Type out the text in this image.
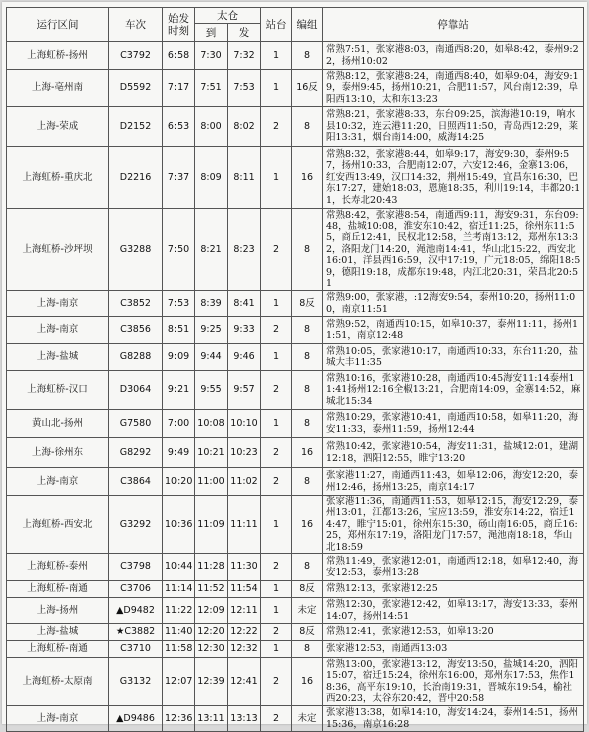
运行区间	车次	始发时刻	太仓		站台	编组	停靠站
			到	发			
上海虹桥-扬州	C3792	6:58	7:30	7:32	1	8	常熟7:51，张家港8:03，南通西8:20，如皋8:42，泰州9:22，扬州10:02
上海-亳州南	D5592	7:17	7:51	7:53	1	16反	常熟8:12，张家港8:24，南通西8:40，如皋9:04，海安9:19，泰州9:45，扬州10:21，合肥11:57，风台南12:39，阜阳西13:10，太和东13:23
上海-荣成	D2152	6:53	8:00	8:02	2	8	常熟8:21，张家港8:33，东台09:25，滨海港10:19，响水县10:32，连云港11:20，日照西11:50，青岛西12:29，莱阳13:31，烟台南14:00，威海14:25
上海虹桥-重庆北	D2216	7:37	8:09	8:11	1	16	常熟8:32，张家港8:44，如皋9:17，海安9:30，泰州9:57，扬州10:33，合肥南12:07，六安12:46，金寨13:06，红安西13:49，汉口14:32，荆州15:49，宜昌东16:30，巴东17:27，建始18:03，恩施18:35，利川19:14，丰都20:11，长寿北20:43
上海虹桥-沙坪坝	G3288	7:50	8:21	8:23	2	8	常熟8:42，张家港8:54，南通西9:11，海安9:31，东台09:48，盐城10:08，淮安东10:42，宿迁11:25，徐州东11:55，商丘12:41，民权北12:58，兰考南13:12，郑州东13:32，洛阳龙门14:20，渑池南14:41，华山北15:22，西安北16:01，洋县西16:59，汉中17:19，广元18:05，绵阳18:59，德阳19:18，成都东19:48，内江北20:31，荣昌北20:51
上海-南京	C3852	7:53	8:39	8:41	1	8反	常熟9:00，张家港，:12海安9:54，泰州10:20，扬州11:00，南京11:51
上海-南京	C3856	8:51	9:25	9:33	2	8	常熟9:52，南通西10:15，如皋10:37，泰州11:11，扬州11:51，南京12:48
上海-盐城	G8288	9:09	9:44	9:46	1	8	常熟10:05，张家港10:17，南通西10:33，东台11:20，盐城大丰11:35
上海虹桥-汉口	D3064	9:21	9:55	9:57	2	8	常熟10:16，张家港10:28，南通西10:45海安11:14泰州11:41扬州12:16全椒13:21，合肥南14:09，金寨14:52，麻城北15:34
黄山北-扬州	G7580	7:00	10:08	10:10	1	8	常熟10:29，张家港10:41，南通西10:58，如皋11:20，海安11:33，泰州11:59，扬州12:44
上海-徐州东	G8292	9:49	10:21	10:23	2	16	常熟10:42，张家港10:54，海安11:31，盐城12:01，建湖12:18，泗阳12:55，睢宁13:20
上海-南京	C3864	10:20	11:00	11:02	2	8	张家港11:27，南通西11:43，如皋12:06，海安12:20，泰州12:46，扬州13:25，南京14:17
上海虹桥-西安北	G3292	10:36	11:09	11:11	1	16	张家港11:36，南通西11:53，如皋12:15，海安12:29，泰州13:01，江都13:26，宝应13:59，淮安东14:22，宿迁14:47，睢宁15:01，徐州东15:30，砀山南16:05，商丘16:25，郑州东17:19，洛阳龙门17:57，渑池南18:18，华山北18:59
上海虹桥-泰州	C3798	10:44	11:28	11:30	2	8	常熟11:49，张家港12:01，南通西12:18，如皋12:40，海安12:53，泰州13:28
上海虹桥-南通	C3706	11:14	11:52	11:54	1	8反	常熟12:13，张家港12:25
上海-扬州	▲D9482	11:22	12:09	12:11	1	未定	常熟12:30，张家港12:42，如皋13:17，海安13:33，泰州14:07，扬州14:51
上海-盐城	★C3882	11:40	12:20	12:22	2	8反	常熟12:41，张家港12:53，如皋13:20
上海虹桥-南通	C3710	11:58	12:30	12:32	1	8	张家港12:53，南通西13:03
上海虹桥-太原南	G3132	12:07	12:39	12:41	2	16	常熟13:00，张家港13:12，海安13:50，盐城14:20，泗阳15:07，宿迁15:24，徐州东16:00，郑州东17:53，焦作18:36，高平东19:10，长治南19:31，晋城东19:54，榆社西20:23，太谷东20:42，晋中20:58
上海-南京	▲D9486	12:36	13:11	13:13	2	未定	张家港13:38，如皋14:10，海安14:24，泰州14:51，扬州15:36，南京16:28
